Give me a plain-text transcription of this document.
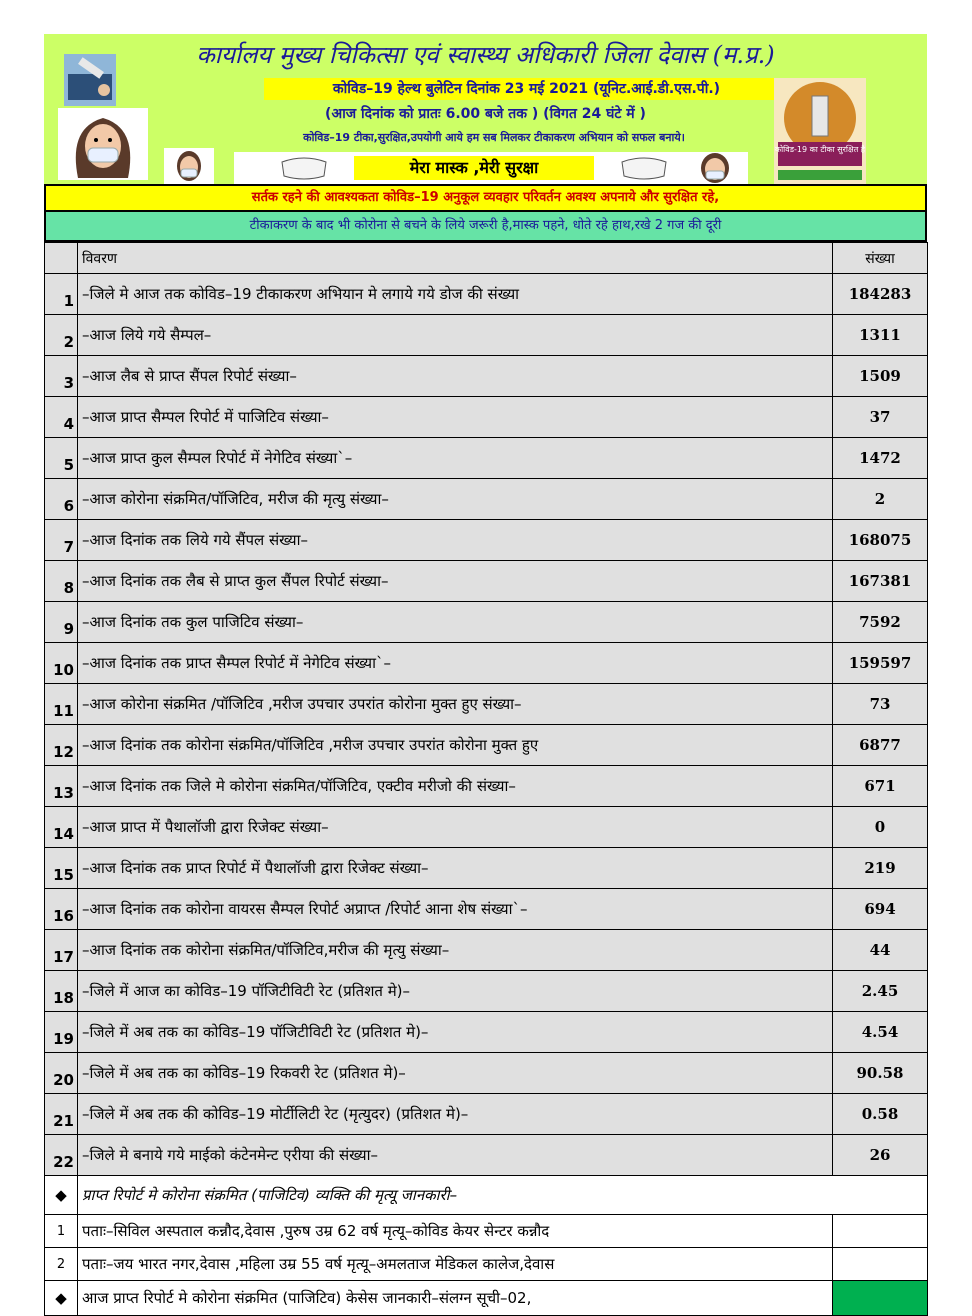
कार्यालय मुख्य चिकित्सा एवं स्वास्थ्य अधिकारी जिला देवास (म.प्र.)
कोविड–19 हेल्थ बुलेटिन दिनांक 23 मई 2021 (यूनिट.आई.डी.एस.पी.)
(आज दिनांक को प्रातः 6.00 बजे तक ) (विगत 24 घंटे में )
कोविड–19 टीका,सुरक्षित,उपयोगी आये हम सब मिलकर टीकाकरण अभियान को सफल बनाये।
कोविड-19 का टीका सुरक्षित है
मेरा मास्क ,मेरी सुरक्षा
सर्तक रहने की आवश्यकता कोविड–19 अनुकूल व्यवहार परिवर्तन अवश्य अपनाये और सुरक्षित रहे,
टीकाकरण के बाद भी कोरोना से बचने के लिये जरूरी है,मास्क पहने, धोते रहे हाथ,रखे 2 गज की दूरी
	विवरण	संख्या
1	–जिले मे आज तक कोविड–19 टीकाकरण अभियान मे लगाये गये डोज की संख्या	184283
2	–आज लिये गये सैम्पल–	1311
3	–आज लैब से प्राप्त सैंपल रिपोर्ट संख्या–	1509
4	–आज प्राप्त सैम्पल रिपोर्ट में पाजिटिव संख्या–	37
5	–आज प्राप्त कुल सैम्पल रिपोर्ट में नेगेटिव संख्या`–	1472
6	–आज कोरोना संक्रमित/पॉजिटिव, मरीज की मृत्यु संख्या–	2
7	–आज दिनांक तक लिये गये सैंपल संख्या–	168075
8	–आज दिनांक तक लैब से प्राप्त कुल सैंपल रिपोर्ट संख्या–	167381
9	–आज दिनांक तक कुल पाजिटिव संख्या–	7592
10	–आज दिनांक तक प्राप्त सैम्पल रिपोर्ट में नेगेटिव संख्या`–	159597
11	–आज कोरोना संक्रमित /पॉजिटिव ,मरीज उपचार उपरांत कोरोना मुक्त हुए संख्या–	73
12	–आज दिनांक तक कोरोना संक्रमित/पॉजिटिव ,मरीज उपचार उपरांत कोरोना मुक्त हुए	6877
13	–आज दिनांक तक जिले मे कोरोना संक्रमित/पॉजिटिव, एक्टीव मरीजो की संख्या–	671
14	–आज प्राप्त में पैथालॉजी द्वारा रिजेक्ट संख्या–	0
15	–आज दिनांक तक प्राप्त रिपोर्ट में पैथालॉजी द्वारा रिजेक्ट संख्या–	219
16	–आज दिनांक तक कोरोना वायरस सैम्पल रिपोर्ट अप्राप्त /रिपोर्ट आना शेष संख्या`–	694
17	–आज दिनांक तक कोरोना संक्रमित/पॉजिटिव,मरीज की मृत्यु संख्या–	44
18	–जिले में आज का कोविड–19 पॉजिटीविटी रेट (प्रतिशत मे)–	2.45
19	–जिले में अब तक का कोविड–19 पॉजिटीविटी रेट (प्रतिशत मे)–	4.54
20	–जिले में अब तक का कोविड–19 रिकवरी रेट (प्रतिशत मे)–	90.58
21	–जिले में अब तक की कोविड–19 मोर्टीलिटी रेट (मृत्युदर) (प्रतिशत मे)–	0.58
22	–जिले मे बनाये गये माईको कंटेनमेन्ट एरीया की संख्या–	26
◆	प्राप्त रिपोर्ट मे कोरोना संक्रमित (पाजिटिव) व्यक्ति की मृत्यू जानकारी–	
1	पताः–सिविल अस्पताल कन्नौद,देवास ,पुरुष उम्र 62 वर्ष मृत्यू–कोविड केयर सेन्टर कन्नौद	
2	पताः–जय भारत नगर,देवास ,महिला उम्र 55 वर्ष मृत्यू–अमलताज मेडिकल कालेज,देवास	
◆	आज प्राप्त रिपोर्ट मे कोरोना संक्रमित (पाजिटिव) केसेस जानकारी–संलग्न सूची–02,	
